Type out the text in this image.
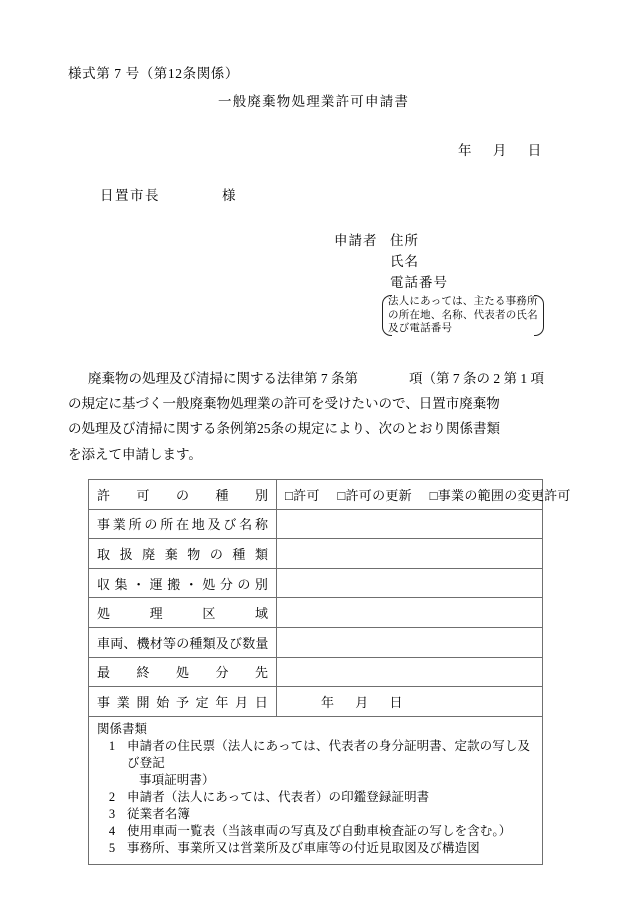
様式第 7 号（第12条関係）
一般廃棄物処理業許可申請書
年 月 日
日置市長	様
申請者 住所
氏名
電話番号
法人にあっては、主たる事務所
の所在地、名称、代表者の氏名
及び電話番号
廃棄物の処理及び清掃に関する法律第 7 条第	項（第 7 条の 2 第 1 項
の規定に基づく一般廃棄物処理業の許可を受けたいので、日置市廃棄物
の処理及び清掃に関する条例第25条の規定により、次のとおり関係書類
を添えて申請します。
許 可 の 種 別	□許可 □許可の更新 □事業の範囲の変更許可

事 業 所 の 所 在 地 及 び 名 称

取 扱 廃 棄 物 の 種 類

収 集 ・ 運 搬 ・ 処 分 の 別

処 理 区 域	

車両、機材等の種類及び数量	

最 終 処 分 先	

事 業 開 始 予 定 年 月 日	年 月 日

関係書類
1 申請者の住民票（法人にあっては、代表者の身分証明書、定款の写し及び登記
事項証明書）
2 申請者（法人にあっては、代表者）の印鑑登録証明書
3 従業者名簿
4 使用車両一覧表（当該車両の写真及び自動車検査証の写しを含む。）
5 事務所、事業所又は営業所及び車庫等の付近見取図及び構造図
